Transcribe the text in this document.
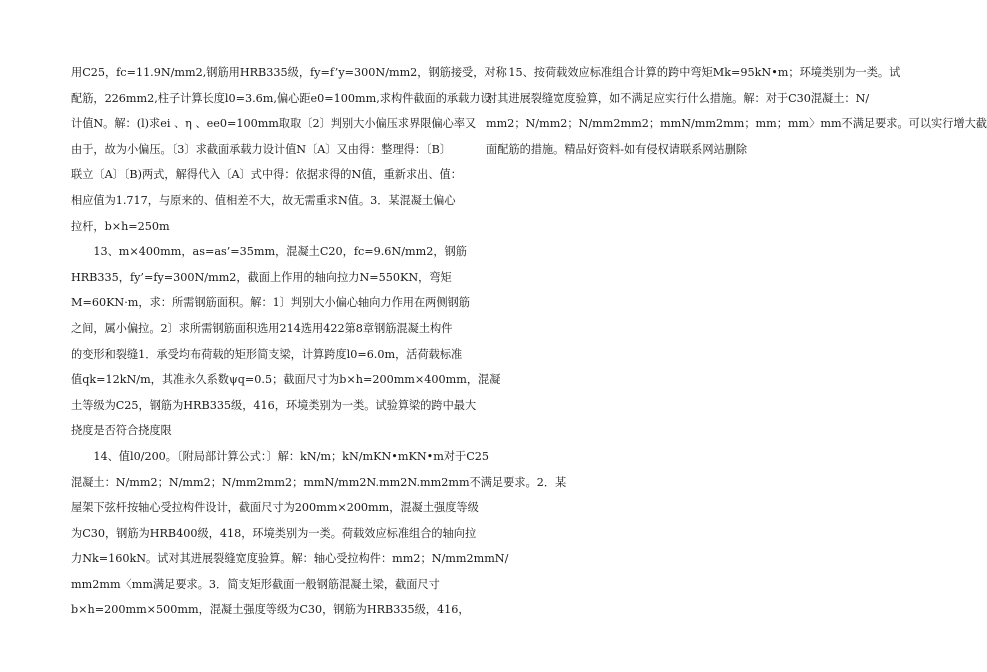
用C25，fc=11.9N/mm2,钢筋用HRB335级，fy=f’y=300N/mm2，钢筋接受，对称
配筋，226mm2,柱子计算长度l0=3.6m,偏心距e0=100mm,求构件截面的承载力设
计值N。解：(l)求ei 、η 、ee0=100mm取取〔2〕判别大小偏压求界限偏心率又
由于，故为小偏压。〔3〕求截面承载力设计值N〔A〕又由得：整理得：〔B〕
联立〔A〕〔B)两式，解得代入〔A〕式中得：依据求得的N值，重新求出、值：
相应值为1.717，与原来的、值相差不大，故无需重求N值。3．某混凝土偏心
拉杆，b×h=250m
　　13、m×400mm，as=as’=35mm，混凝土C20，fc=9.6N/mm2，钢筋
HRB335，fy’=fy=300N/mm2，截面上作用的轴向拉力N=550KN，弯矩
M=60KN·m，求：所需钢筋面积。解：1〕判别大小偏心轴向力作用在两侧钢筋
之间，属小偏拉。2〕求所需钢筋面积选用214选用422第8章钢筋混凝土构件
的变形和裂缝1．承受均布荷载的矩形简支梁，计算跨度l0=6.0m，活荷载标准
值qk=12kN/m，其准永久系数ψq=0.5；截面尺寸为b×h=200mm×400mm，混凝
土等级为C25，钢筋为HRB335级，416，环境类别为一类。试验算梁的跨中最大
挠度是否符合挠度限
　　14、值l0/200。〔附局部计算公式：〕解：kN/m；kN/mKN•mKN•m对于C25
混凝土：N/mm2；N/mm2；N/mm2mm2；mmN/mm2N.mm2N.mm2mm不满足要求。2．某
屋架下弦杆按轴心受拉构件设计，截面尺寸为200mm×200mm，混凝土强度等级
为C30，钢筋为HRB400级，418，环境类别为一类。荷载效应标准组合的轴向拉
力Nk=160kN。试对其进展裂缝宽度验算。解：轴心受拉构件：mm2；N/mm2mmN/
mm2mm〈mm满足要求。3．简支矩形截面一般钢筋混凝土梁，截面尺寸
b×h=200mm×500mm，混凝土强度等级为C30，钢筋为HRB335级，416，
　　15、按荷载效应标准组合计算的跨中弯矩Mk=95kN•m；环境类别为一类。试
对其进展裂缝宽度验算，如不满足应实行什么措施。解：对于C30混凝土：N/
mm2；N/mm2；N/mm2mm2；mmN/mm2mm；mm；mm〉mm不满足要求。可以实行增大截
面配筋的措施。精品好资料-如有侵权请联系网站删除
